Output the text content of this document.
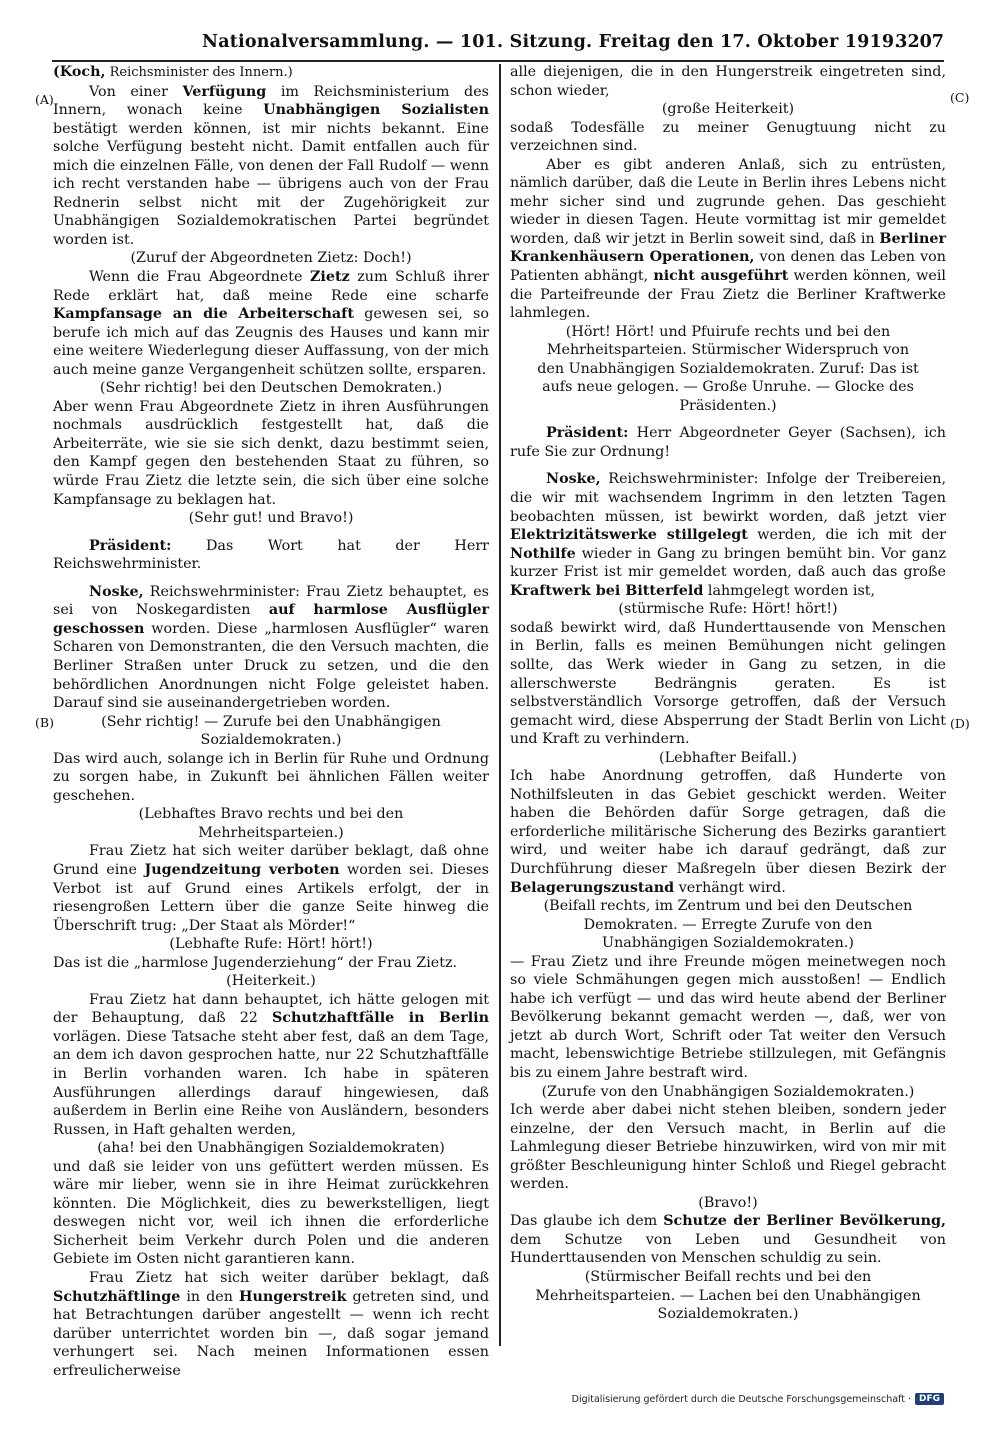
Nationalversammlung. — 101. Sitzung. Freitag den 17. Oktober 1919.
3207
(A)
(B)
(C)
(D)

(Koch, Reichsminister des Innern.)

Von einer Verfügung im Reichsministerium des Innern, wonach keine Unabhängigen Sozialisten bestätigt werden können, ist mir nichts bekannt. Eine solche Verfügung besteht nicht. Damit entfallen auch für mich die einzelnen Fälle, von denen der Fall Rudolf — wenn ich recht verstanden habe — übrigens auch von der Frau Rednerin selbst nicht mit der Zugehörigkeit zur Unabhängigen Sozialdemokratischen Partei begründet worden ist.

(Zuruf der Abgeordneten Zietz: Doch!)

Wenn die Frau Abgeordnete Zietz zum Schluß ihrer Rede erklärt hat, daß meine Rede eine scharfe Kampfansage an die Arbeiterschaft gewesen sei, so berufe ich mich auf das Zeugnis des Hauses und kann mir eine weitere Wiederlegung dieser Auffassung, von der mich auch meine ganze Vergangenheit schützen sollte, ersparen.

(Sehr richtig! bei den Deutschen Demokraten.)

Aber wenn Frau Abgeordnete Zietz in ihren Ausführungen nochmals ausdrücklich festgestellt hat, daß die Arbeiterräte, wie sie sie sich denkt, dazu bestimmt seien, den Kampf gegen den bestehenden Staat zu führen, so würde Frau Zietz die letzte sein, die sich über eine solche Kampfansage zu beklagen hat.

(Sehr gut! und Bravo!)

Präsident: Das Wort hat der Herr Reichswehrminister.

Noske, Reichswehrminister: Frau Zietz behauptet, es sei von Noskegardisten auf harmlose Ausflügler geschossen worden. Diese „harmlosen Ausflügler“ waren Scharen von Demonstranten, die den Versuch machten, die Berliner Straßen unter Druck zu setzen, und die den behördlichen Anordnungen nicht Folge geleistet haben. Darauf sind sie auseinandergetrieben worden.

(Sehr richtig! — Zurufe bei den Unabhängigen Sozialdemokraten.)

Das wird auch, solange ich in Berlin für Ruhe und Ordnung zu sorgen habe, in Zukunft bei ähnlichen Fällen weiter geschehen.

(Lebhaftes Bravo rechts und bei den Mehrheitsparteien.)

Frau Zietz hat sich weiter darüber beklagt, daß ohne Grund eine Jugendzeitung verboten worden sei. Dieses Verbot ist auf Grund eines Artikels erfolgt, der in riesengroßen Lettern über die ganze Seite hinweg die Überschrift trug: „Der Staat als Mörder!“

(Lebhafte Rufe: Hört! hört!)

Das ist die „harmlose Jugenderziehung“ der Frau Zietz.

(Heiterkeit.)

Frau Zietz hat dann behauptet, ich hätte gelogen mit der Behauptung, daß 22 Schutzhaftfälle in Berlin vorlägen. Diese Tatsache steht aber fest, daß an dem Tage, an dem ich davon gesprochen hatte, nur 22 Schutzhaftfälle in Berlin vorhanden waren. Ich habe in späteren Ausführungen allerdings darauf hingewiesen, daß außerdem in Berlin eine Reihe von Ausländern, besonders Russen, in Haft gehalten werden,

(aha! bei den Unabhängigen Sozialdemokraten)

und daß sie leider von uns gefüttert werden müssen. Es wäre mir lieber, wenn sie in ihre Heimat zurückkehren könnten. Die Möglichkeit, dies zu bewerkstelligen, liegt deswegen nicht vor, weil ich ihnen die erforderliche Sicherheit beim Verkehr durch Polen und die anderen Gebiete im Osten nicht garantieren kann.

Frau Zietz hat sich weiter darüber beklagt, daß Schutzhäftlinge in den Hungerstreik getreten sind, und hat Betrachtungen darüber angestellt — wenn ich recht darüber unterrichtet worden bin —, daß sogar jemand verhungert sei. Nach meinen Informationen essen erfreulicherweise

alle diejenigen, die in den Hungerstreik eingetreten sind, schon wieder,

(große Heiterkeit)

sodaß Todesfälle zu meiner Genugtuung nicht zu verzeichnen sind.

Aber es gibt anderen Anlaß, sich zu entrüsten, nämlich darüber, daß die Leute in Berlin ihres Lebens nicht mehr sicher sind und zugrunde gehen. Das geschieht wieder in diesen Tagen. Heute vormittag ist mir gemeldet worden, daß wir jetzt in Berlin soweit sind, daß in Berliner Krankenhäusern Operationen, von denen das Leben von Patienten abhängt, nicht ausgeführt werden können, weil die Parteifreunde der Frau Zietz die Berliner Kraftwerke lahmlegen.

(Hört! Hört! und Pfuirufe rechts und bei den Mehrheitsparteien. Stürmischer Widerspruch von den Unabhängigen Sozialdemokraten. Zuruf: Das ist aufs neue gelogen. — Große Unruhe. — Glocke des Präsidenten.)

Präsident: Herr Abgeordneter Geyer (Sachsen), ich rufe Sie zur Ordnung!

Noske, Reichswehrminister: Infolge der Treibereien, die wir mit wachsendem Ingrimm in den letzten Tagen beobachten müssen, ist bewirkt worden, daß jetzt vier Elektrizitätswerke stillgelegt werden, die ich mit der Nothilfe wieder in Gang zu bringen bemüht bin. Vor ganz kurzer Frist ist mir gemeldet worden, daß auch das große Kraftwerk bei Bitterfeld lahmgelegt worden ist,

(stürmische Rufe: Hört! hört!)

sodaß bewirkt wird, daß Hunderttausende von Menschen in Berlin, falls es meinen Bemühungen nicht gelingen sollte, das Werk wieder in Gang zu setzen, in die allerschwerste Bedrängnis geraten. Es ist selbstverständlich Vorsorge getroffen, daß der Versuch gemacht wird, diese Absperrung der Stadt Berlin von Licht und Kraft zu verhindern.

(Lebhafter Beifall.)

Ich habe Anordnung getroffen, daß Hunderte von Nothilfsleuten in das Gebiet geschickt werden. Weiter haben die Behörden dafür Sorge getragen, daß die erforderliche militärische Sicherung des Bezirks garantiert wird, und weiter habe ich darauf gedrängt, daß zur Durchführung dieser Maßregeln über diesen Bezirk der Belagerungszustand verhängt wird.

(Beifall rechts, im Zentrum und bei den Deutschen Demokraten. — Erregte Zurufe von den Unabhängigen Sozialdemokraten.)

— Frau Zietz und ihre Freunde mögen meinetwegen noch so viele Schmähungen gegen mich ausstoßen! — Endlich habe ich verfügt — und das wird heute abend der Berliner Bevölkerung bekannt gemacht werden —, daß, wer von jetzt ab durch Wort, Schrift oder Tat weiter den Versuch macht, lebenswichtige Betriebe stillzulegen, mit Gefängnis bis zu einem Jahre bestraft wird.

(Zurufe von den Unabhängigen Sozialdemokraten.)

Ich werde aber dabei nicht stehen bleiben, sondern jeder einzelne, der den Versuch macht, in Berlin auf die Lahmlegung dieser Betriebe hinzuwirken, wird von mir mit größter Beschleunigung hinter Schloß und Riegel gebracht werden.

(Bravo!)

Das glaube ich dem Schutze der Berliner Bevölkerung, dem Schutze von Leben und Gesundheit von Hunderttausenden von Menschen schuldig zu sein.

(Stürmischer Beifall rechts und bei den Mehrheitsparteien. — Lachen bei den Unabhängigen Sozialdemokraten.)

Digitalisierung gefördert durch die Deutsche Forschungsgemeinschaft · DFG
